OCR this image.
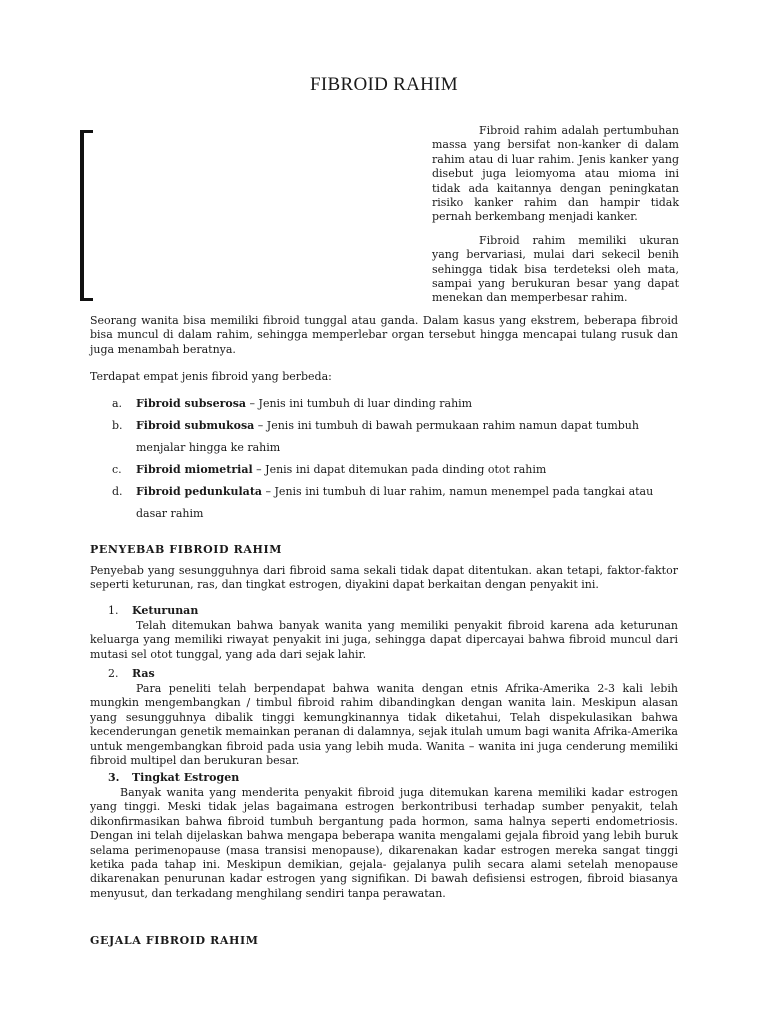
FIBROID RAHIM

Fibroid rahim adalah pertumbuhan massa yang bersifat non-kanker di dalam rahim atau di luar rahim. Jenis kanker yang disebut juga leiomyoma atau mioma ini tidak ada kaitannya dengan peningkatan risiko kanker rahim dan hampir tidak pernah berkembang menjadi kanker.

Fibroid rahim memiliki ukuran yang bervariasi, mulai dari sekecil benih sehingga tidak bisa terdeteksi oleh mata, sampai yang berukuran besar yang dapat menekan dan memperbesar rahim.

Seorang wanita bisa memiliki fibroid tunggal atau ganda. Dalam kasus yang ekstrem, beberapa fibroid bisa muncul di dalam rahim, sehingga memperlebar organ tersebut hingga mencapai tulang rusuk dan juga menambah beratnya.

Terdapat empat jenis fibroid yang berbeda:

a.	Fibroid subserosa – Jenis ini tumbuh di luar dinding rahim
b.	Fibroid submukosa – Jenis ini tumbuh di bawah permukaan rahim namun dapat tumbuh menjalar hingga ke rahim
c.	Fibroid miometrial – Jenis ini dapat ditemukan pada dinding otot rahim
d.	Fibroid pedunkulata – Jenis ini tumbuh di luar rahim, namun menempel pada tangkai atau dasar rahim
PENYEBAB FIBROID RAHIM

Penyebab yang sesungguhnya dari fibroid sama sekali tidak dapat ditentukan. akan tetapi, faktor-faktor seperti keturunan, ras, dan tingkat estrogen, diyakini dapat berkaitan dengan penyakit ini.

1. Keturunan

Telah ditemukan bahwa banyak wanita yang memiliki penyakit fibroid karena ada keturunan keluarga yang memiliki riwayat penyakit ini juga, sehingga dapat dipercayai bahwa fibroid muncul dari mutasi sel otot tunggal, yang ada dari sejak lahir.

2. Ras

Para peneliti telah berpendapat bahwa wanita dengan etnis Afrika-Amerika 2-3 kali lebih mungkin mengembangkan / timbul fibroid rahim dibandingkan dengan wanita lain. Meskipun alasan yang sesungguhnya dibalik tinggi kemungkinannya tidak diketahui, Telah dispekulasikan bahwa kecenderungan genetik memainkan peranan di dalamnya, sejak itulah umum bagi wanita Afrika-Amerika untuk mengembangkan fibroid pada usia yang lebih muda. Wanita – wanita ini juga cenderung memiliki fibroid multipel dan berukuran besar.

3. Tingkat Estrogen

Banyak wanita yang menderita penyakit fibroid juga ditemukan karena memiliki kadar estrogen yang tinggi. Meski tidak jelas bagaimana estrogen berkontribusi terhadap sumber penyakit, telah dikonfirmasikan bahwa fibroid tumbuh bergantung pada hormon, sama halnya seperti endometriosis. Dengan ini telah dijelaskan bahwa mengapa beberapa wanita mengalami gejala fibroid yang lebih buruk selama perimenopause (masa transisi menopause), dikarenakan kadar estrogen mereka sangat tinggi ketika pada tahap ini. Meskipun demikian, gejala- gejalanya pulih secara alami setelah menopause dikarenakan penurunan kadar estrogen yang signifikan. Di bawah defisiensi estrogen, fibroid biasanya menyusut, dan terkadang menghilang sendiri tanpa perawatan.

GEJALA FIBROID RAHIM
